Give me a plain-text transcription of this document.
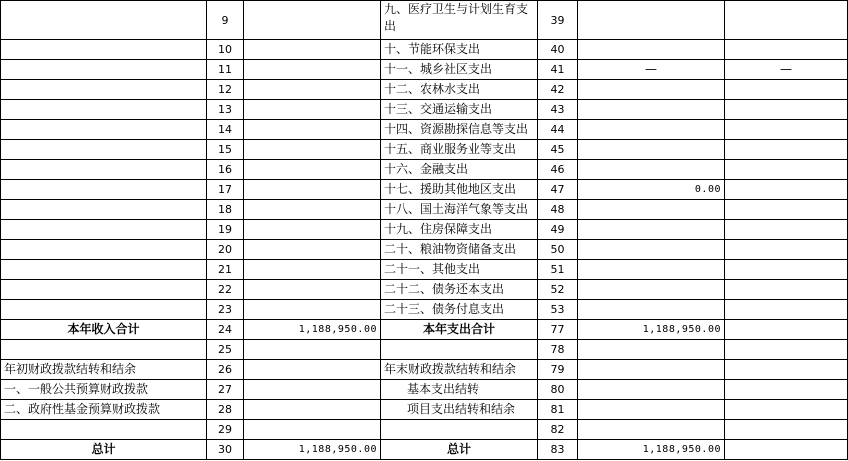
	9		九、医疗卫生与计划生育支出	39		
	10		十、节能环保支出	40		
	11		十一、城乡社区支出	41	—	—
	12		十二、农林水支出	42		
	13		十三、交通运输支出	43		
	14		十四、资源勘探信息等支出	44		
	15		十五、商业服务业等支出	45		
	16		十六、金融支出	46		
	17		十七、援助其他地区支出	47	0.00	
	18		十八、国土海洋气象等支出	48		
	19		十九、住房保障支出	49		
	20		二十、粮油物资储备支出	50		
	21		二十一、其他支出	51		
	22		二十二、债务还本支出	52		
	23		二十三、债务付息支出	53		
本年收入合计	24	1,188,950.00	本年支出合计	77	1,188,950.00	
	25			78		
年初财政拨款结转和结余	26		年末财政拨款结转和结余	79		
一、一般公共预算财政拨款	27		基本支出结转	80		
二、政府性基金预算财政拨款	28		项目支出结转和结余	81		
	29			82		
总计	30	1,188,950.00	总计	83	1,188,950.00	
